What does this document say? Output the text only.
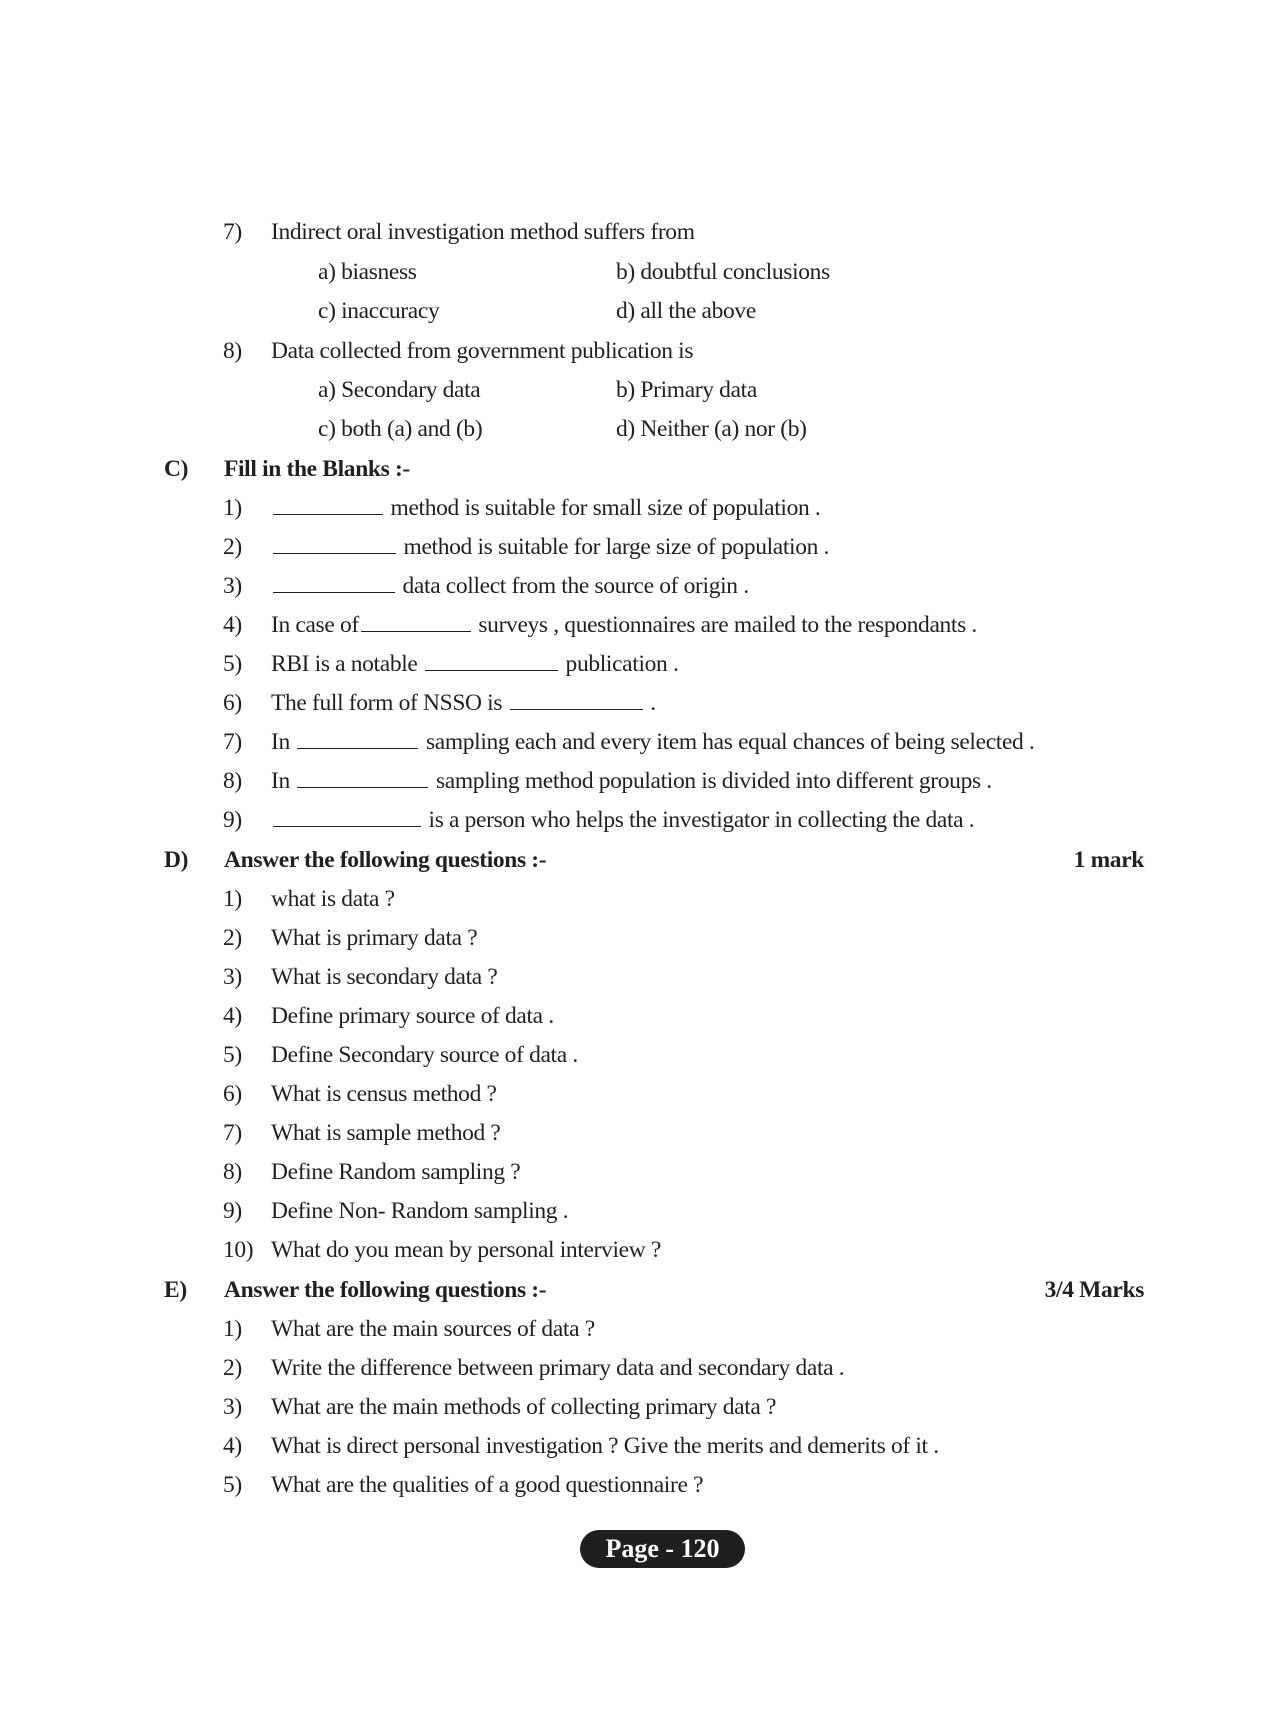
7) Indirect oral investigation method suffers from
a) biasness	b) doubtful conclusions
c) inaccuracy	d) all the above
8) Data collected from government publication is
a) Secondary data	b) Primary data
c) both (a) and (b)	d) Neither (a) nor (b)
C) Fill in the Blanks :-
1)	method is suitable for small size of population .
2)	method is suitable for large size of population .
3)	data collect from the source of origin .
4) In case of	surveys , questionnaires are mailed to the respondants .
5) RBI is a notable	publication .
6) The full form of NSSO is	.
7) In	sampling each and every item has equal chances of being selected .
8) In	sampling method population is divided into different groups .
9)	is a person who helps the investigator in collecting the data .
D) Answer the following questions :-	1 mark
1) what is data ?
2) What is primary data ?
3) What is secondary data ?
4) Define primary source of data .
5) Define Secondary source of data .
6) What is census method ?
7) What is sample method ?
8) Define Random sampling ?
9) Define Non- Random sampling .
10) What do you mean by personal interview ?
E) Answer the following questions :-	3/4 Marks
1) What are the main sources of data ?
2) Write the difference between primary data and secondary data .
3) What are the main methods of collecting primary data ?
4) What is direct personal investigation ? Give the merits and demerits of it .
5) What are the qualities of a good questionnaire ?
Page - 120
